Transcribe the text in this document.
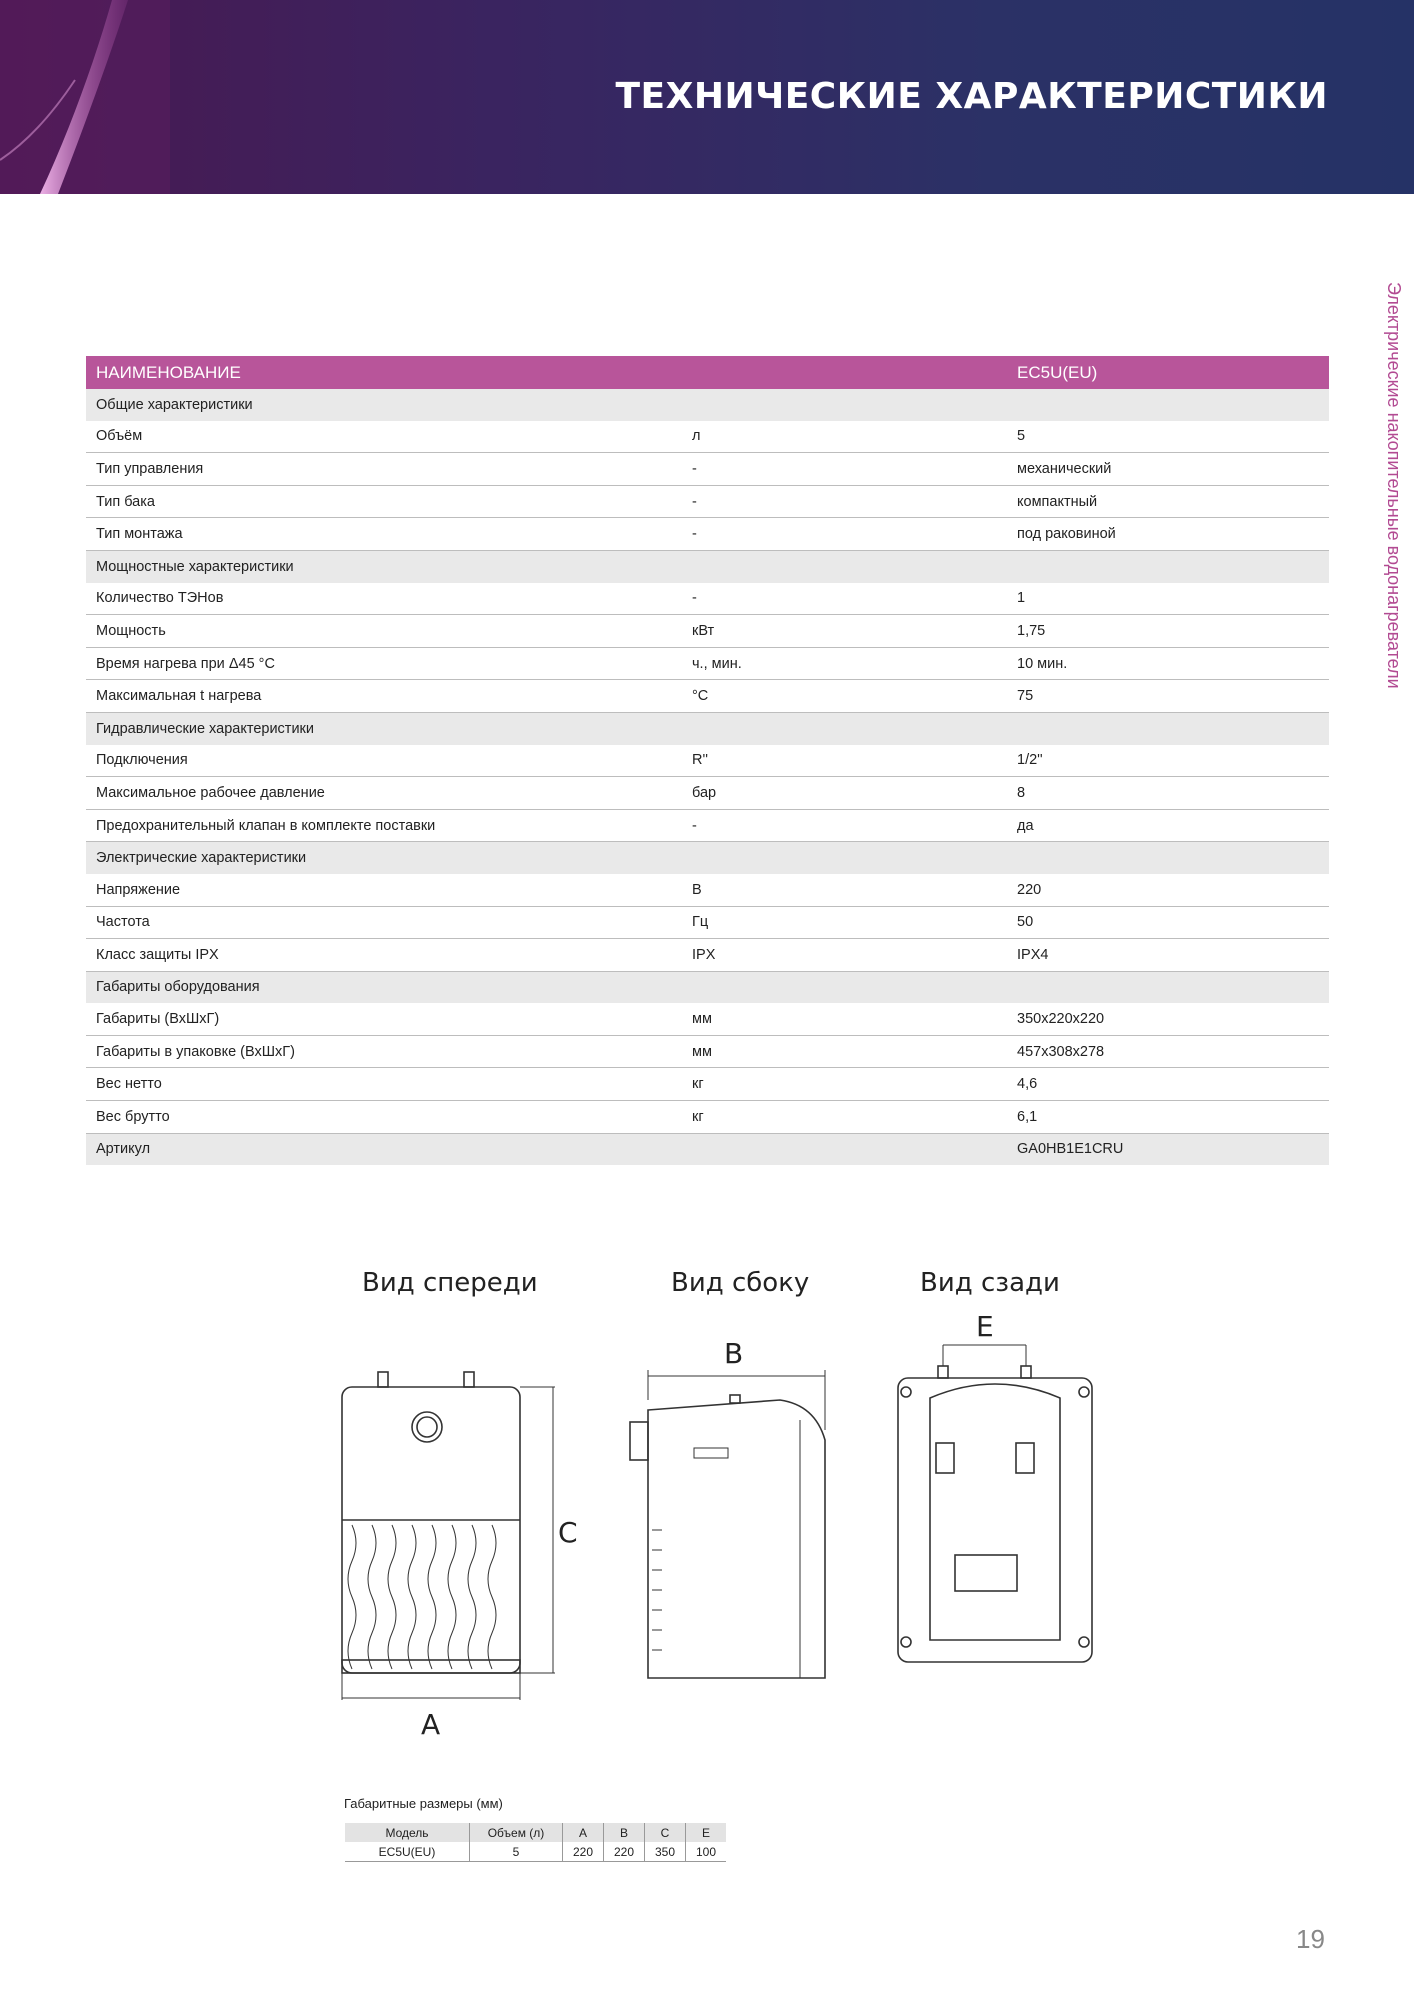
ТЕХНИЧЕСКИЕ ХАРАКТЕРИСТИКИ
Электрические накопительные водонагреватели
НАИМЕНОВАНИЕ		EC5U(EU)
Общие характеристики		
Объём	л	5
Тип управления	-	механический
Тип бака	-	компактный
Тип монтажа	-	под раковиной
Мощностные характеристики		
Количество ТЭНов	-	1
Мощность	кВт	1,75
Время нагрева при Δ45 °C	ч., мин.	10 мин.
Максимальная t нагрева	°C	75
Гидравлические характеристики		
Подключения	R''	1/2''
Максимальное рабочее давление	бар	8
Предохранительный клапан в комплекте поставки	-	да
Электрические характеристики		
Напряжение	В	220
Частота	Гц	50
Класс защиты IPX	IPX	IPX4
Габариты оборудования		
Габариты (ВхШхГ)	мм	350x220x220
Габариты в упаковке (ВхШхГ)	мм	457x308x278
Вес нетто	кг	4,6
Вес брутто	кг	6,1
Артикул		GA0HB1E1CRU
Вид спереди	Вид сбоку	Вид сзади
A
B
C
E
Габаритные размеры (мм)
Модель	Объем (л)	A	B	C	E
EC5U(EU)	5	220	220	350	100
19
